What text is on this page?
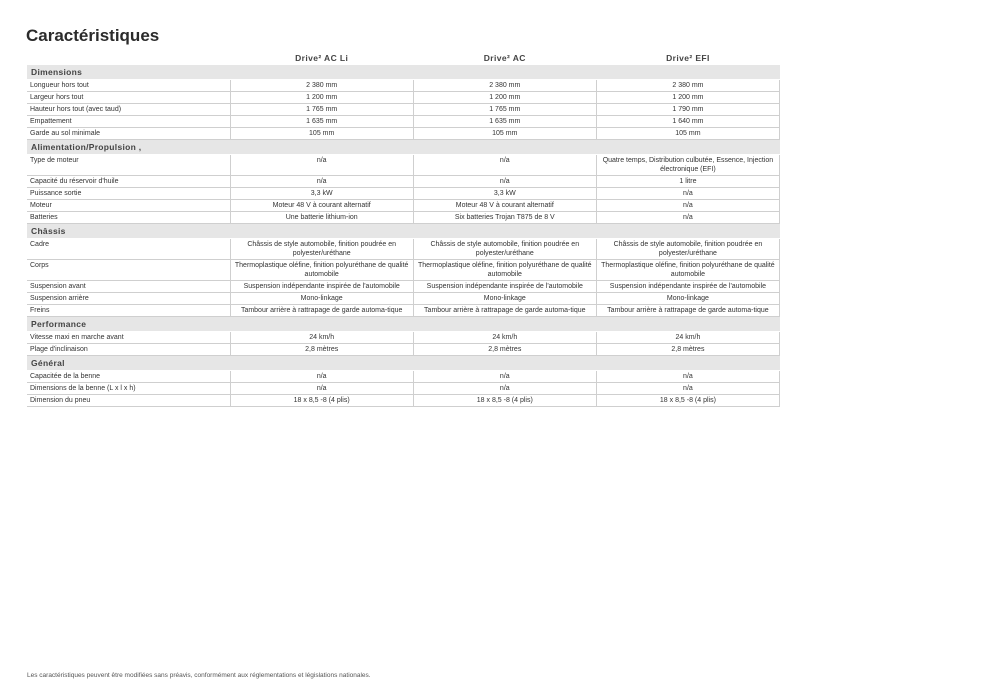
Caractéristiques
	Drive² AC Li	Drive² AC	Drive² EFI
Dimensions			
Longueur hors tout	2 380 mm	2 380 mm	2 380 mm
Largeur hors tout	1 200 mm	1 200 mm	1 200 mm
Hauteur hors tout (avec taud)	1 765 mm	1 765 mm	1 790 mm
Empattement	1 635 mm	1 635 mm	1 640 mm
Garde au sol minimale	105 mm	105 mm	105 mm
Alimentation/Propulsion ,			
Type de moteur	n/a	n/a	Quatre temps, Distribution culbutée, Essence, Injection électronique (EFI)
Capacité du réservoir d'huile	n/a	n/a	1 litre
Puissance sortie	3,3 kW	3,3 kW	n/a
Moteur	Moteur 48 V à courant alternatif	Moteur 48 V à courant alternatif	n/a
Batteries	Une batterie lithium-ion	Six batteries Trojan T875 de 8 V	n/a
Châssis			
Cadre	Châssis de style automobile, finition poudrée en polyester/uréthane	Châssis de style automobile, finition poudrée en polyester/uréthane	Châssis de style automobile, finition poudrée en polyester/uréthane
Corps	Thermoplastique oléfine, finition polyuréthane de qualité automobile	Thermoplastique oléfine, finition polyuréthane de qualité automobile	Thermoplastique oléfine, finition polyuréthane de qualité automobile
Suspension avant	Suspension indépendante inspirée de l'automobile	Suspension indépendante inspirée de l'automobile	Suspension indépendante inspirée de l'automobile
Suspension arrière	Mono-linkage	Mono-linkage	Mono-linkage
Freins	Tambour arrière à rattrapage de garde automa-tique	Tambour arrière à rattrapage de garde automa-tique	Tambour arrière à rattrapage de garde automa-tique
Performance			
Vitesse maxi en marche avant	24 km/h	24 km/h	24 km/h
Plage d'inclinaison	2,8 mètres	2,8 mètres	2,8 mètres
Général			
Capacitée de la benne	n/a	n/a	n/a
Dimensions de la benne (L x l x h)	n/a	n/a	n/a
Dimension du pneu	18 x 8,5 -8 (4 plis)	18 x 8,5 -8 (4 plis)	18 x 8,5 -8 (4 plis)
Les caractéristiques peuvent être modifiées sans préavis, conformément aux réglementations et législations nationales.
